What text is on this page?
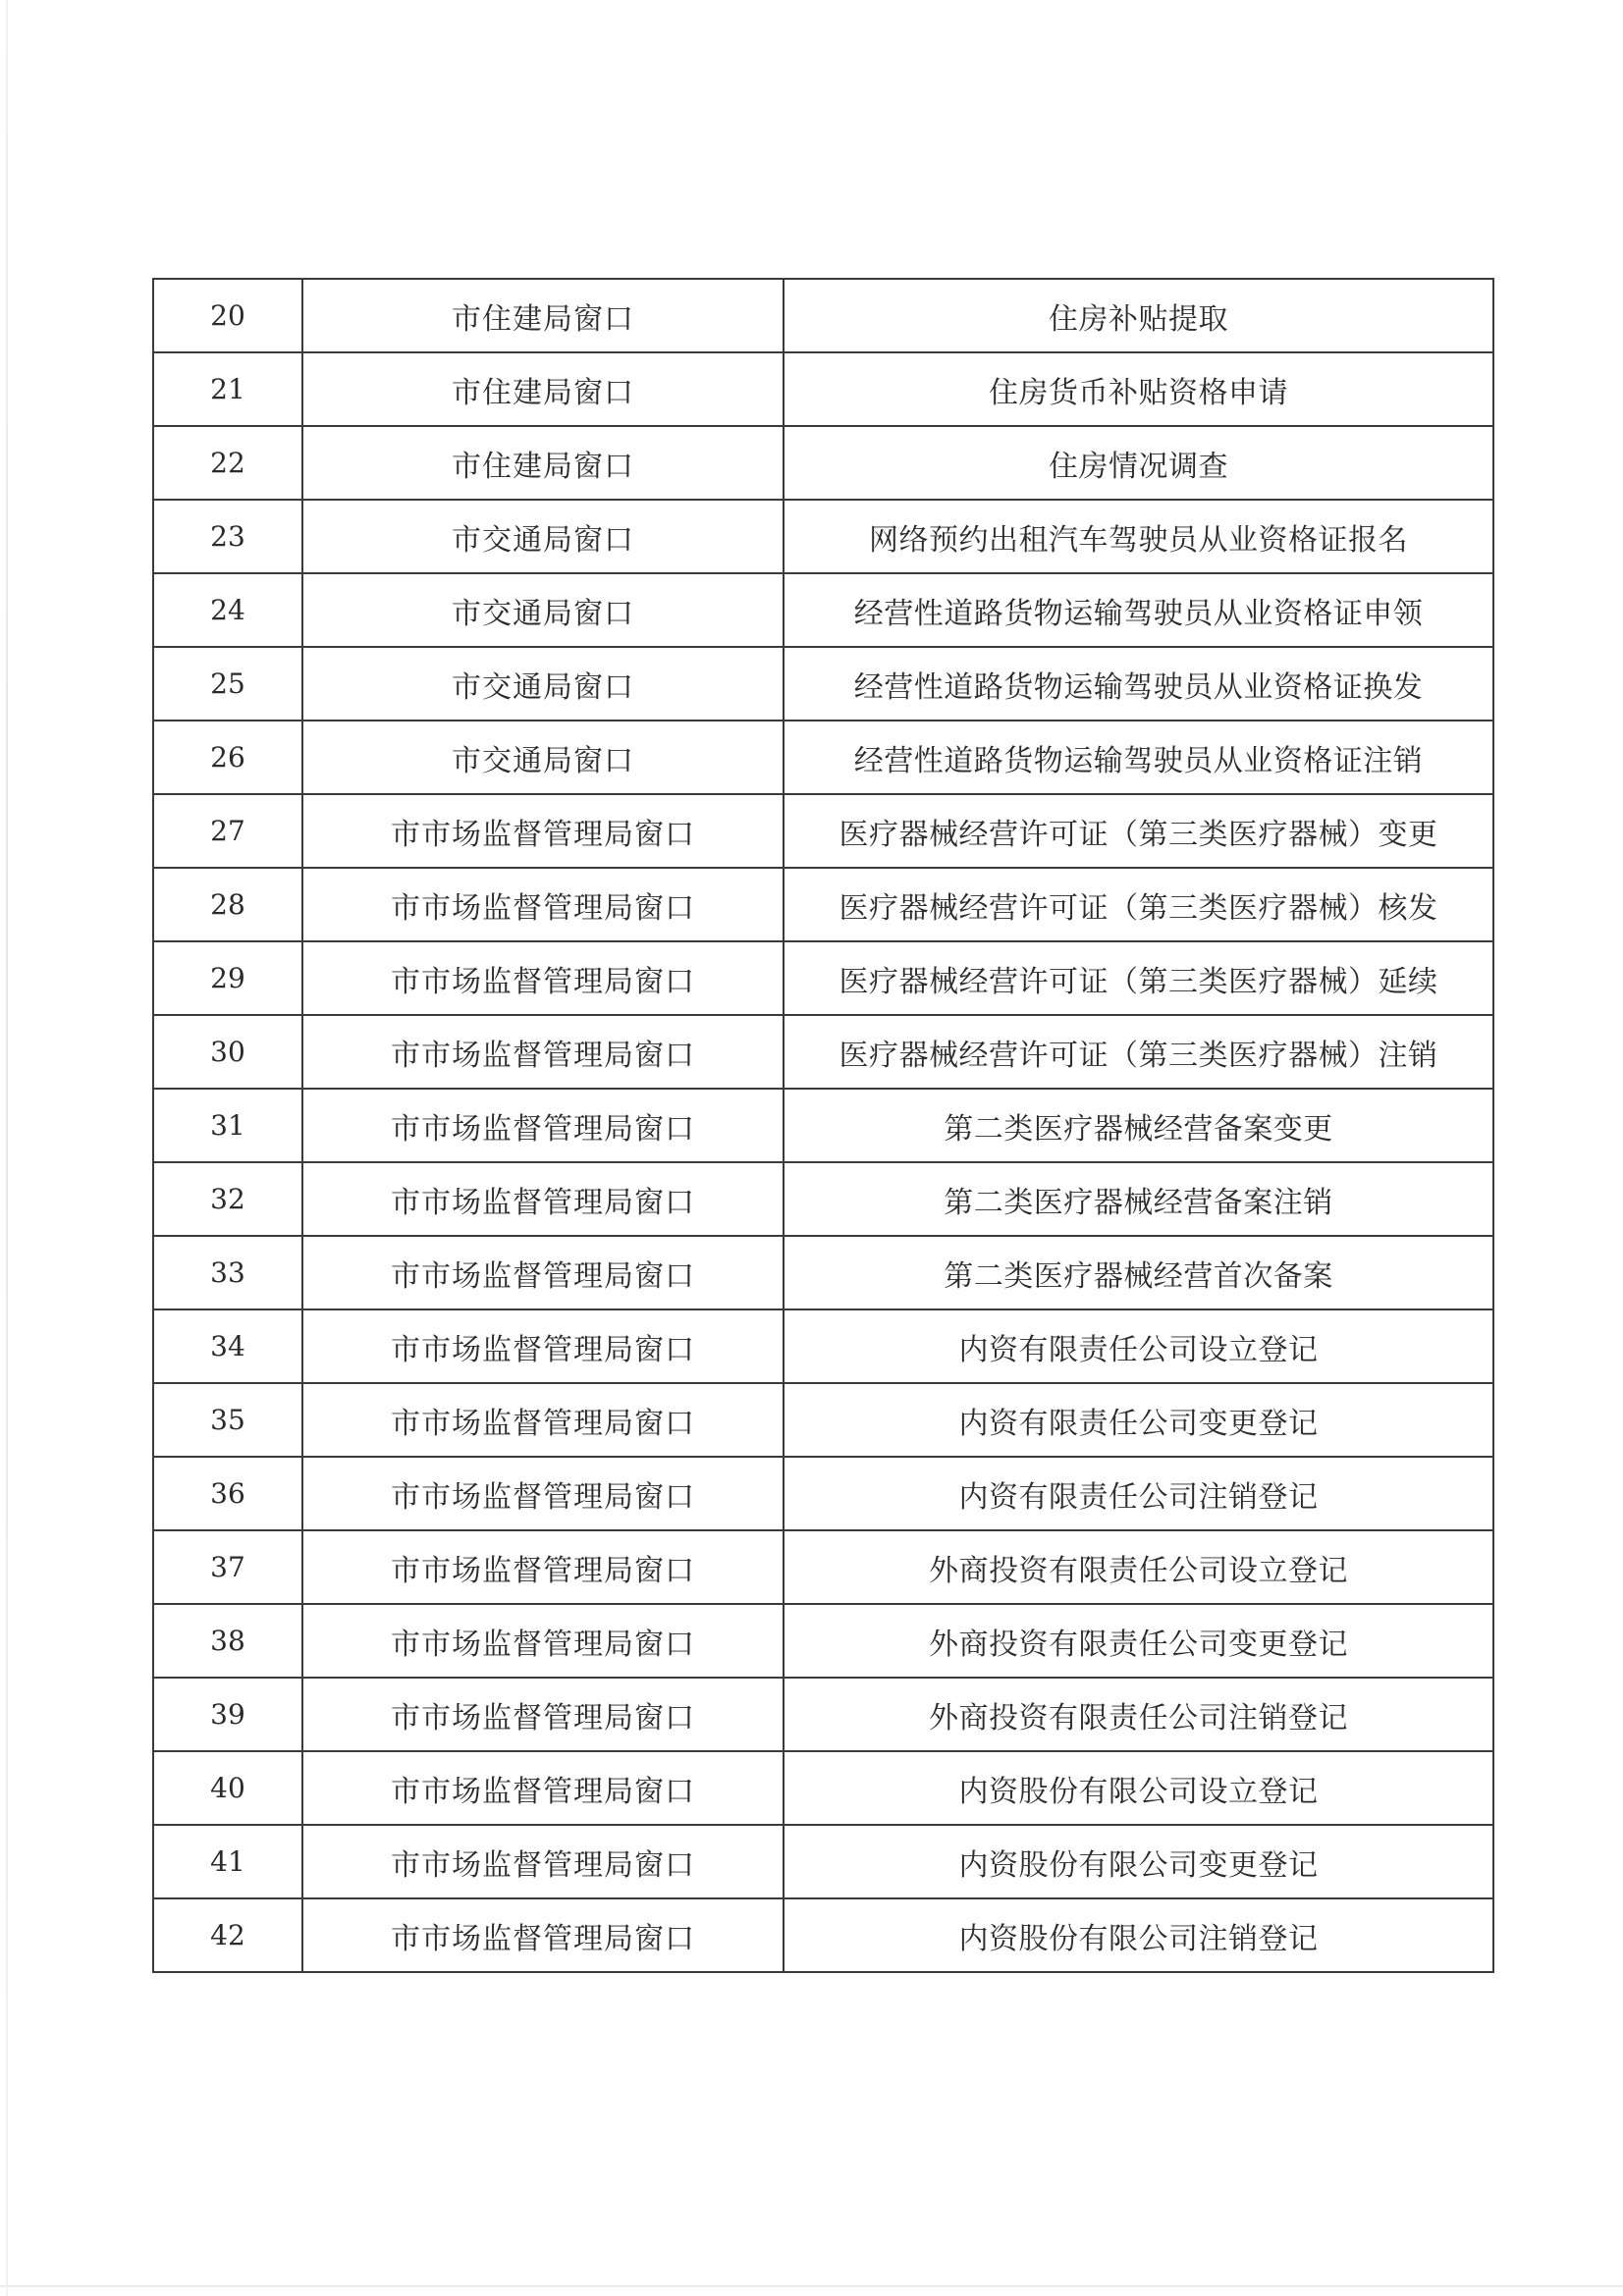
20	市住建局窗口	住房补贴提取
21	市住建局窗口	住房货币补贴资格申请
22	市住建局窗口	住房情况调查
23	市交通局窗口	网络预约出租汽车驾驶员从业资格证报名
24	市交通局窗口	经营性道路货物运输驾驶员从业资格证申领
25	市交通局窗口	经营性道路货物运输驾驶员从业资格证换发
26	市交通局窗口	经营性道路货物运输驾驶员从业资格证注销
27	市市场监督管理局窗口	医疗器械经营许可证（第三类医疗器械）变更
28	市市场监督管理局窗口	医疗器械经营许可证（第三类医疗器械）核发
29	市市场监督管理局窗口	医疗器械经营许可证（第三类医疗器械）延续
30	市市场监督管理局窗口	医疗器械经营许可证（第三类医疗器械）注销
31	市市场监督管理局窗口	第二类医疗器械经营备案变更
32	市市场监督管理局窗口	第二类医疗器械经营备案注销
33	市市场监督管理局窗口	第二类医疗器械经营首次备案
34	市市场监督管理局窗口	内资有限责任公司设立登记
35	市市场监督管理局窗口	内资有限责任公司变更登记
36	市市场监督管理局窗口	内资有限责任公司注销登记
37	市市场监督管理局窗口	外商投资有限责任公司设立登记
38	市市场监督管理局窗口	外商投资有限责任公司变更登记
39	市市场监督管理局窗口	外商投资有限责任公司注销登记
40	市市场监督管理局窗口	内资股份有限公司设立登记
41	市市场监督管理局窗口	内资股份有限公司变更登记
42	市市场监督管理局窗口	内资股份有限公司注销登记
